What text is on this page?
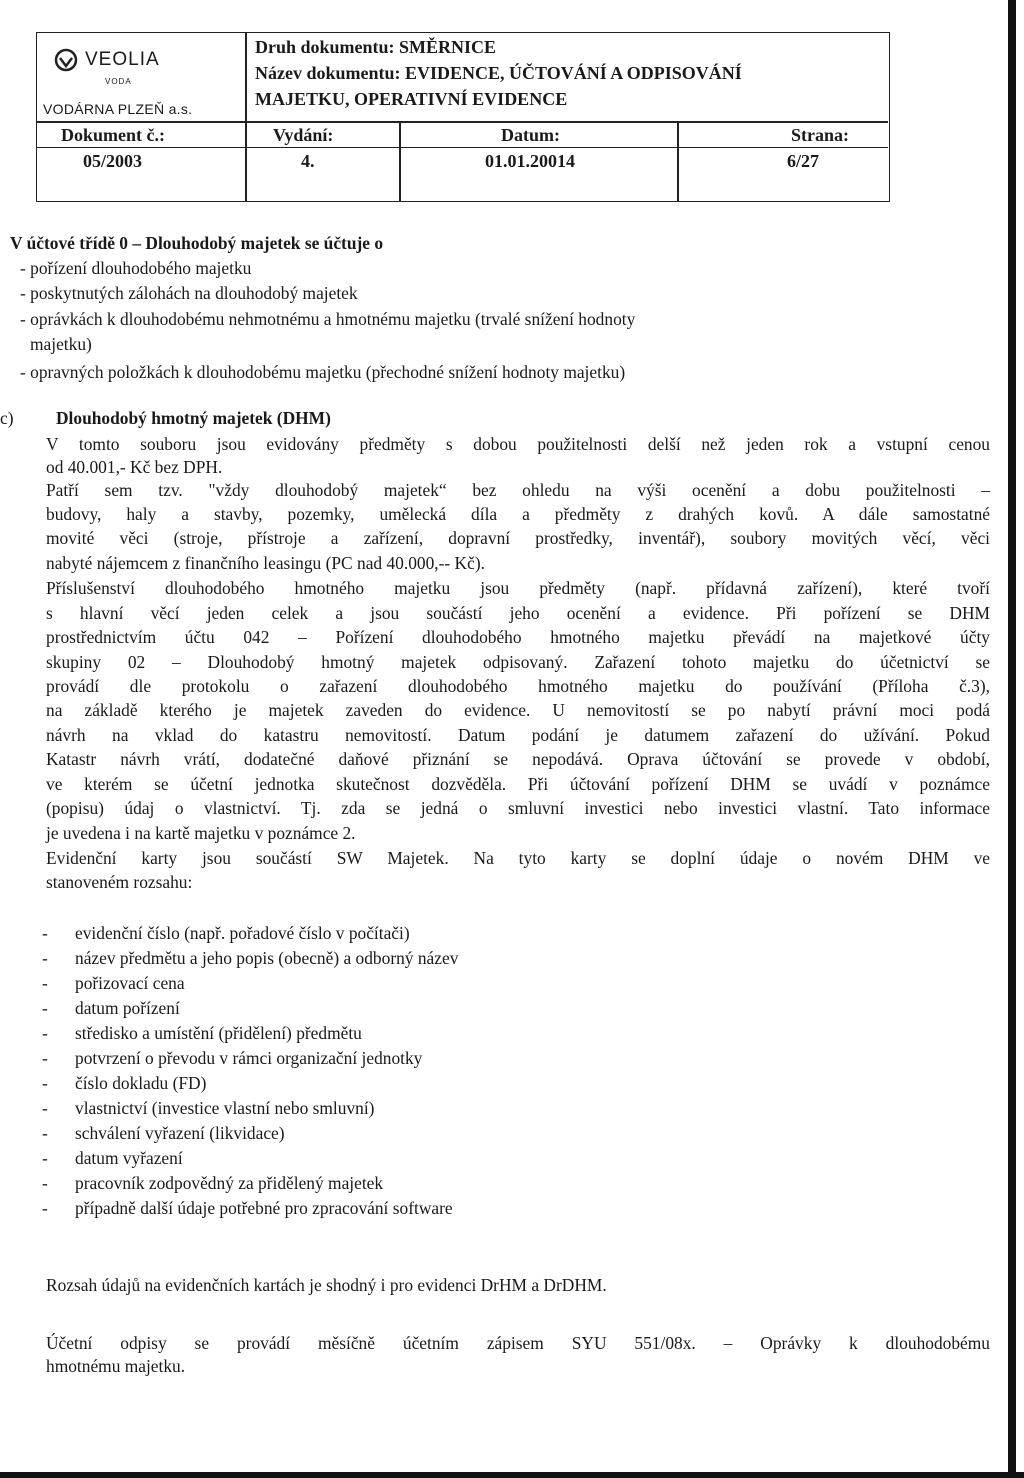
VEOLIA
VODA
VODÁRNA PLZEŇ a.s.
Druh dokumentu: SMĚRNICE
Název dokumentu: EVIDENCE, ÚČTOVÁNÍ A ODPISOVÁNÍ
MAJETKU, OPERATIVNÍ EVIDENCE
Dokument č.:	Vydání:	Datum:	Strana:
05/2003	4.	01.01.20014	6/27
V účtové třídě 0 – Dlouhodobý majetek se účtuje o
- pořízení dlouhodobého majetku
- poskytnutých zálohách na dlouhodobý majetek
- oprávkách k dlouhodobému nehmotnému a hmotnému majetku (trvalé snížení hodnoty
majetku)
- opravných položkách k dlouhodobému majetku (přechodné snížení hodnoty majetku)
c) Dlouhodobý hmotný majetek (DHM)
V tomto souboru jsou evidovány předměty s dobou použitelnosti delší než jeden rok a vstupní cenou
od 40.001,- Kč bez DPH.
Patří sem tzv. "vždy dlouhodobý majetek“ bez ohledu na výši ocenění a dobu použitelnosti –
budovy, haly a stavby, pozemky, umělecká díla a předměty z drahých kovů. A dále samostatné
movité věci (stroje, přístroje a zařízení, dopravní prostředky, inventář), soubory movitých věcí, věci
nabyté nájemcem z finančního leasingu (PC nad 40.000,-- Kč).
Příslušenství dlouhodobého hmotného majetku jsou předměty (např. přídavná zařízení), které tvoří
s hlavní věcí jeden celek a jsou součástí jeho ocenění a evidence. Při pořízení se DHM
prostřednictvím účtu 042 – Pořízení dlouhodobého hmotného majetku převádí na majetkové účty
skupiny 02 – Dlouhodobý hmotný majetek odpisovaný. Zařazení tohoto majetku do účetnictví se
provádí dle protokolu o zařazení dlouhodobého hmotného majetku do používání (Příloha č.3),
na základě kterého je majetek zaveden do evidence. U nemovitostí se po nabytí právní moci podá
návrh na vklad do katastru nemovitostí. Datum podání je datumem zařazení do užívání. Pokud
Katastr návrh vrátí, dodatečné daňové přiznání se nepodává. Oprava účtování se provede v období,
ve kterém se účetní jednotka skutečnost dozvěděla. Při účtování pořízení DHM se uvádí v poznámce
(popisu) údaj o vlastnictví. Tj. zda se jedná o smluvní investici nebo investici vlastní. Tato informace
je uvedena i na kartě majetku v poznámce 2.
Evidenční karty jsou součástí SW Majetek. Na tyto karty se doplní údaje o novém DHM ve
stanoveném rozsahu:
- evidenční číslo (např. pořadové číslo v počítači)
- název předmětu a jeho popis (obecně) a odborný název
- pořizovací cena
- datum pořízení
- středisko a umístění (přidělení) předmětu
- potvrzení o převodu v rámci organizační jednotky
- číslo dokladu (FD)
- vlastnictví (investice vlastní nebo smluvní)
- schválení vyřazení (likvidace)
- datum vyřazení
- pracovník zodpovědný za přidělený majetek
- případně další údaje potřebné pro zpracování software
Rozsah údajů na evidenčních kartách je shodný i pro evidenci DrHM a DrDHM.
Účetní odpisy se provádí měsíčně účetním zápisem SYU 551/08x. – Oprávky k dlouhodobému
hmotnému majetku.
